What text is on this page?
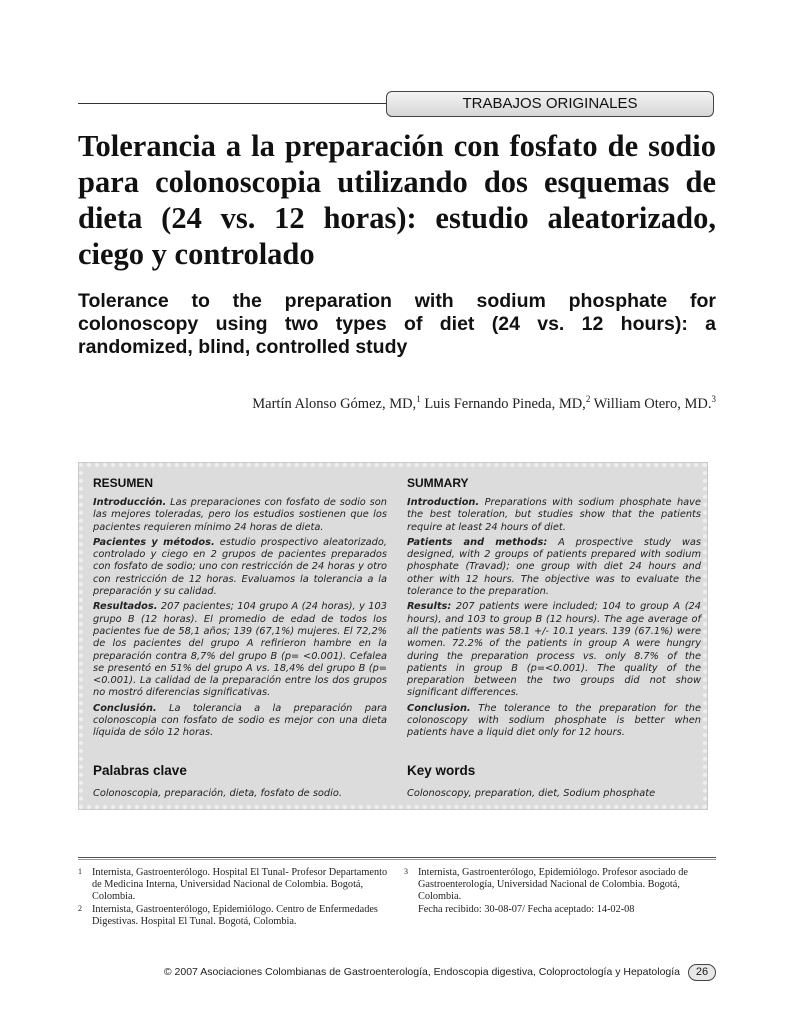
TRABAJOS ORIGINALES
Tolerancia a la preparación con fosfato de sodio para colonoscopia utilizando dos esquemas de dieta (24 vs. 12 horas): estudio aleatorizado, ciego y controlado
Tolerance to the preparation with sodium phosphate for colonoscopy using two types of diet (24 vs. 12 hours): a randomized, blind, controlled study
Martín Alonso Gómez, MD,$^1$ Luis Fernando Pineda, MD,$^2$ William Otero, MD.$^3$
RESUMEN

Introducción. Las preparaciones con fosfato de sodio son las mejores toleradas, pero los estudios sostienen que los pacientes requieren mínimo 24 horas de dieta.

Pacientes y métodos. estudio prospectivo aleatorizado, controlado y ciego en 2 grupos de pacientes preparados con fosfato de sodio; uno con restricción de 24 horas y otro con restricción de 12 horas. Evaluamos la tolerancia a la preparación y su calidad.

Resultados. 207 pacientes; 104 grupo A (24 horas), y 103 grupo B (12 horas). El promedio de edad de todos los pacientes fue de 58,1 años; 139 (67,1%) mujeres. El 72,2% de los pacientes del grupo A refirieron hambre en la preparación contra 8,7% del grupo B (p= <0.001). Cefalea se presentó en 51% del grupo A vs. 18,4% del grupo B (p= <0.001). La calidad de la preparación entre los dos grupos no mostró diferencias significativas.

Conclusión. La tolerancia a la preparación para colonoscopia con fosfato de sodio es mejor con una dieta líquida de sólo 12 horas.

SUMMARY

Introduction. Preparations with sodium phosphate have the best toleration, but studies show that the patients require at least 24 hours of diet.

Patients and methods: A prospective study was designed, with 2 groups of patients prepared with sodium phosphate (Travad); one group with diet 24 hours and other with 12 hours. The objective was to evaluate the tolerance to the preparation.

Results: 207 patients were included; 104 to group A (24 hours), and 103 to group B (12 hours). The age average of all the patients was 58.1 +/- 10.1 years. 139 (67.1%) were women. 72.2% of the patients in group A were hungry during the preparation process vs. only 8.7% of the patients in group B (p=<0.001). The quality of the preparation between the two groups did not show significant differences.

Conclusion. The tolerance to the preparation for the colonoscopy with sodium phosphate is better when patients have a liquid diet only for 12 hours.

Palabras clave
Colonoscopia, preparación, dieta, fosfato de sodio.
Key words
Colonoscopy, preparation, diet, Sodium phosphate
1 Internista, Gastroenterólogo. Hospital El Tunal- Profesor Departamento de Medicina Interna, Universidad Nacional de Colombia. Bogotá, Colombia.
2 Internista, Gastroenterólogo, Epidemiólogo. Centro de Enfermedades Digestivas. Hospital El Tunal. Bogotá, Colombia.
3 Internista, Gastroenterólogo, Epidemiólogo. Profesor asociado de Gastroenterología, Universidad Nacional de Colombia. Bogotá, Colombia.

Fecha recibido: 30-08-07/ Fecha aceptado: 14-02-08

© 2007 Asociaciones Colombianas de Gastroenterología, Endoscopia digestiva, Coloproctología y Hepatología	26
